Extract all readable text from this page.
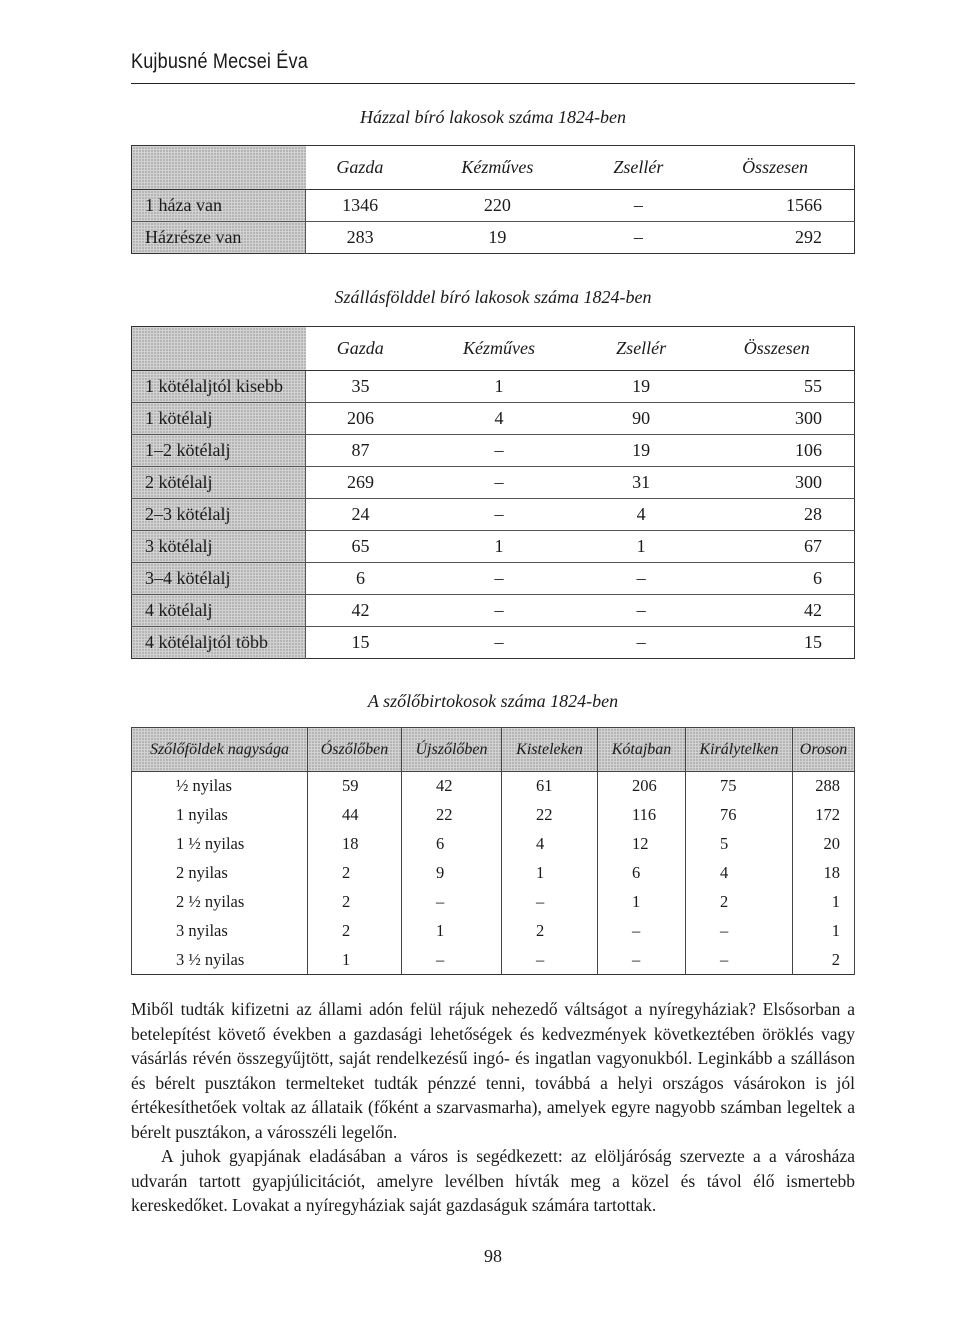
Kujbusné Mecsei Éva
Házzal bíró lakosok száma 1824-ben
	Gazda	Kézműves	Zsellér	Összesen
1 háza van	1346	220	–	1566
Házrésze van	283	19	–	292
Szállásfölddel bíró lakosok száma 1824-ben
	Gazda	Kézműves	Zsellér	Összesen
1 kötélaljtól kisebb	35	1	19	55
1 kötélalj	206	4	90	300
1–2 kötélalj	87	–	19	106
2 kötélalj	269	–	31	300
2–3 kötélalj	24	–	4	28
3 kötélalj	65	1	1	67
3–4 kötélalj	6	–	–	6
4 kötélalj	42	–	–	42
4 kötélaljtól több	15	–	–	15
A szőlőbirtokosok száma 1824-ben
Szőlőföldek nagysága	Ószőlőben	Újszőlőben	Kisteleken	Kótajban	Királytelken	Oroson
½ nyilas	59	42	61	206	75	288
1 nyilas	44	22	22	116	76	172
1 ½ nyilas	18	6	4	12	5	20
2 nyilas	2	9	1	6	4	18
2 ½ nyilas	2	–	–	1	2	1
3 nyilas	2	1	2	–	–	1
3 ½ nyilas	1	–	–	–	–	2

Miből tudták kifizetni az állami adón felül rájuk nehezedő váltságot a nyíregyháziak? Elsősorban a betelepítést követő években a gazdasági lehetőségek és kedvezmények következtében öröklés vagy vásárlás révén összegyűjtött, saját rendelkezésű ingó- és ingatlan vagyonukból. Leginkább a szálláson és bérelt pusztákon termelteket tudták pénzzé tenni, továbbá a helyi országos vásárokon is jól értékesíthetőek voltak az állataik (főként a szarvasmarha), amelyek egyre nagyobb számban legeltek a bérelt pusztákon, a városszéli legelőn.

A juhok gyapjának eladásában a város is segédkezett: az elöljáróság szervezte a a városháza udvarán tartott gyapjúlicitációt, amelyre levélben hívták meg a közel és távol élő ismertebb kereskedőket. Lovakat a nyíregyháziak saját gazdaságuk számára tartottak.

98
